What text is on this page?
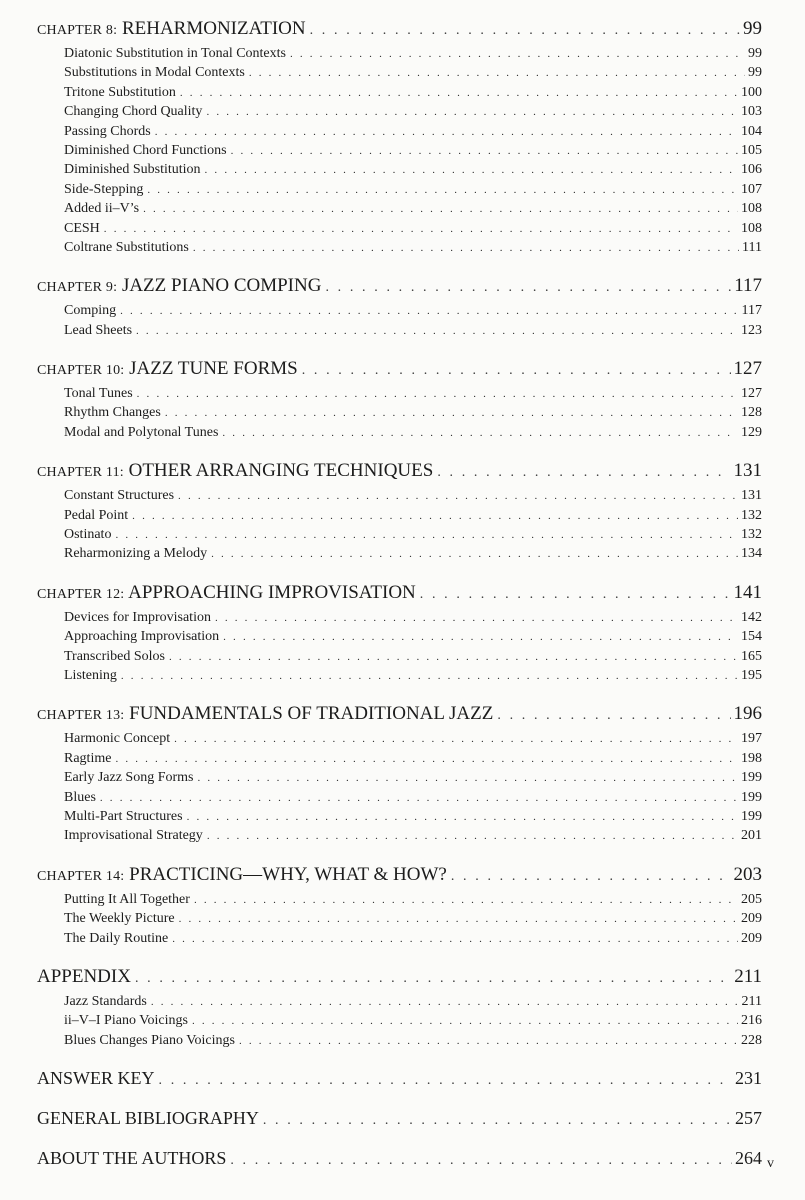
CHAPTER 8: REHARMONIZATION . . .	99
Diatonic Substitution in Tonal Contexts . . .	99
Substitutions in Modal Contexts . . .	99
Tritone Substitution . . .	100
Changing Chord Quality . . .	103
Passing Chords . . .	104
Diminished Chord Functions . . .	105
Diminished Substitution . . .	106
Side-Stepping . . .	107
Added ii–V’s . . .	108
CESH . . .	108
Coltrane Substitutions . . .	111
CHAPTER 9: JAZZ PIANO COMPING . . .	117
Comping . . .	117
Lead Sheets . . .	123
CHAPTER 10: JAZZ TUNE FORMS . . .	127
Tonal Tunes . . .	127
Rhythm Changes . . .	128
Modal and Polytonal Tunes . . .	129
CHAPTER 11: OTHER ARRANGING TECHNIQUES . . .	131
Constant Structures . . .	131
Pedal Point . . .	132
Ostinato . . .	132
Reharmonizing a Melody . . .	134
CHAPTER 12: APPROACHING IMPROVISATION . . .	141
Devices for Improvisation . . .	142
Approaching Improvisation . . .	154
Transcribed Solos . . .	165
Listening . . .	195
CHAPTER 13: FUNDAMENTALS OF TRADITIONAL JAZZ . . .	196
Harmonic Concept . . .	197
Ragtime . . .	198
Early Jazz Song Forms . . .	199
Blues . . .	199
Multi-Part Structures . . .	199
Improvisational Strategy . . .	201
CHAPTER 14: PRACTICING—WHY, WHAT & HOW? . . .	203
Putting It All Together . . .	205
The Weekly Picture . . .	209
The Daily Routine . . .	209
APPENDIX . . .	211
Jazz Standards . . .	211
ii–V–I Piano Voicings . . .	216
Blues Changes Piano Voicings . . .	228
ANSWER KEY . . .	231
GENERAL BIBLIOGRAPHY . . .	257
ABOUT THE AUTHORS . . .	264 v
